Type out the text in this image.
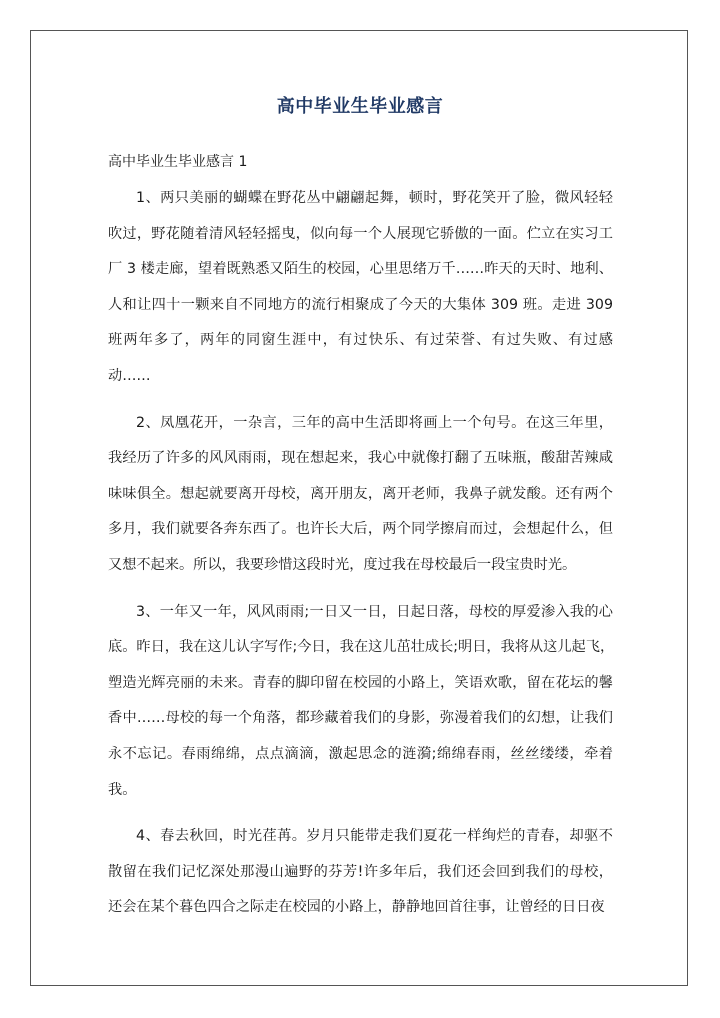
高中毕业生毕业感言
高中毕业生毕业感言 1
1、两只美丽的蝴蝶在野花丛中翩翩起舞，顿时，野花笑开了脸，微风轻轻
吹过，野花随着清风轻轻摇曳，似向每一个人展现它骄傲的一面。伫立在实习工
厂 3 楼走廊，望着既熟悉又陌生的校园，心里思绪万千……昨天的天时、地利、
人和让四十一颗来自不同地方的流行相聚成了今天的大集体 309 班。走进 309
班两年多了，两年的同窗生涯中，有过快乐、有过荣誉、有过失败、有过感
动……
2、凤凰花开，一杂言，三年的高中生活即将画上一个句号。在这三年里，
我经历了许多的风风雨雨，现在想起来，我心中就像打翻了五味瓶，酸甜苦辣咸
味味俱全。想起就要离开母校，离开朋友，离开老师，我鼻子就发酸。还有两个
多月，我们就要各奔东西了。也许长大后，两个同学擦肩而过，会想起什么，但
又想不起来。所以，我要珍惜这段时光，度过我在母校最后一段宝贵时光。
3、一年又一年，风风雨雨;一日又一日，日起日落，母校的厚爱渗入我的心
底。昨日，我在这儿认字写作;今日，我在这儿茁壮成长;明日，我将从这儿起飞，
塑造光辉亮丽的未来。青春的脚印留在校园的小路上，笑语欢歌，留在花坛的馨
香中……母校的每一个角落，都珍藏着我们的身影，弥漫着我们的幻想，让我们
永不忘记。春雨绵绵，点点滴滴，激起思念的涟漪;绵绵春雨，丝丝缕缕，牵着
我。
4、春去秋回，时光荏苒。岁月只能带走我们夏花一样绚烂的青春，却驱不
散留在我们记忆深处那漫山遍野的芬芳!许多年后，我们还会回到我们的母校，
还会在某个暮色四合之际走在校园的小路上，静静地回首往事，让曾经的日日夜
